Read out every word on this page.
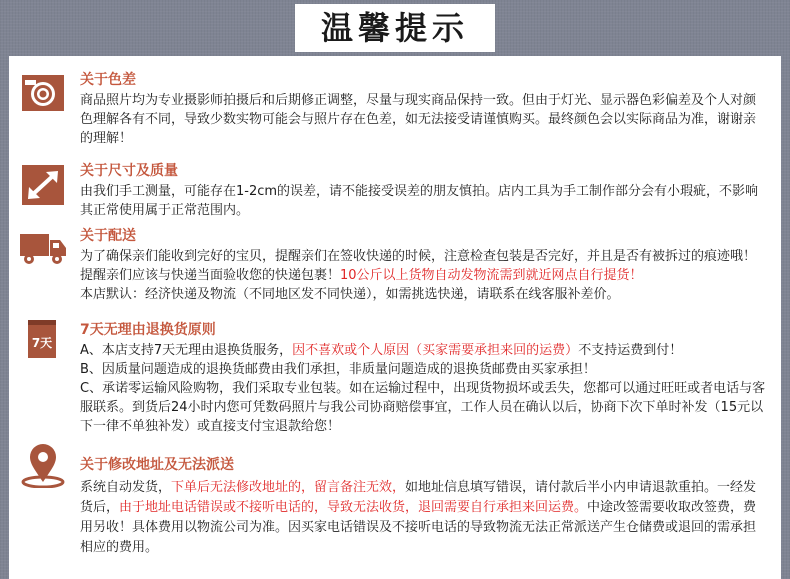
温馨提示
关于色差
商品照片均为专业摄影师拍摄后和后期修正调整，尽量与现实商品保持一致。但由于灯光、显示器色彩偏差及个人对颜色理解各有不同，导致少数实物可能会与照片存在色差，如无法接受请谨慎购买。最终颜色会以实际商品为准，谢谢亲的理解！
关于尺寸及质量
由我们手工测量，可能存在1-2cm的误差，请不能接受误差的朋友慎拍。店内工具为手工制作部分会有小瑕疵，不影响其正常使用属于正常范围内。
关于配送
为了确保亲们能收到完好的宝贝，提醒亲们在签收快递的时候，注意检查包装是否完好，并且是否有被拆过的痕迹哦！提醒亲们应该与快递当面验收您的快递包裹！10公斤以上货物自动发物流需到就近网点自行提货！
本店默认：经济快递及物流（不同地区发不同快递），如需挑选快递，请联系在线客服补差价。
7天
7天无理由退换货原则
A、本店支持7天无理由退换货服务，因不喜欢或个人原因（买家需要承担来回的运费）不支持运费到付！
B、因质量问题造成的退换货邮费由我们承担，非质量问题造成的退换货邮费由买家承担！
C、承诺零运输风险购物，我们采取专业包装。如在运输过程中，出现货物损坏或丢失，您都可以通过旺旺或者电话与客服联系。到货后24小时内您可凭数码照片与我公司协商赔偿事宜，工作人员在确认以后，协商下次下单时补发（15元以下一律不单独补发）或直接支付宝退款给您！
关于修改地址及无法派送
系统自动发货，下单后无法修改地址的，留言备注无效，如地址信息填写错误，请付款后半小内申请退款重拍。一经发货后，由于地址电话错误或不接听电话的，导致无法收货，退回需要自行承担来回运费。中途改签需要收取改签费，费用另收！具体费用以物流公司为准。因买家电话错误及不接听电话的导致物流无法正常派送产生仓储费或退回的需承担相应的费用。
